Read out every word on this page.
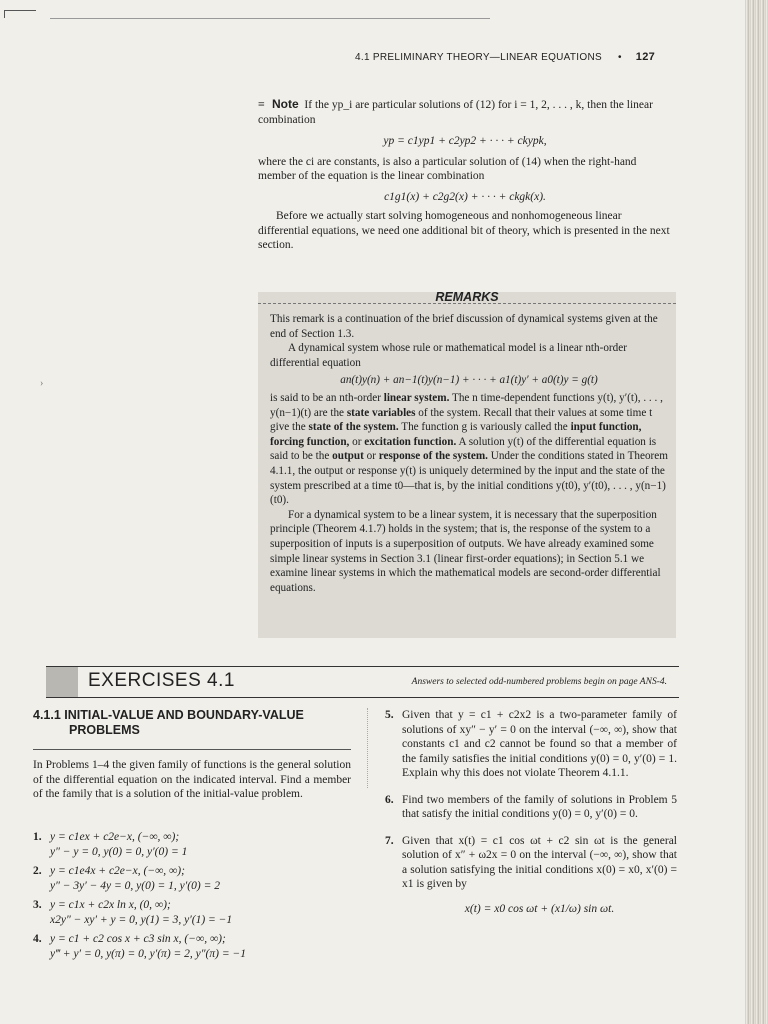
4.1 PRELIMINARY THEORY—LINEAR EQUATIONS • 127
≡ Note If the yp_i are particular solutions of (12) for i = 1, 2, . . . , k, then the linear combination
yp = c1yp1 + c2yp2 + · · · + ckypk,
where the ci are constants, is also a particular solution of (14) when the right-hand member of the equation is the linear combination
c1g1(x) + c2g2(x) + · · · + ckgk(x).
Before we actually start solving homogeneous and nonhomogeneous linear differential equations, we need one additional bit of theory, which is presented in the next section.
REMARKS
This remark is a continuation of the brief discussion of dynamical systems given at the end of Section 1.3.
A dynamical system whose rule or mathematical model is a linear nth-order differential equation
an(t)y(n) + an−1(t)y(n−1) + · · · + a1(t)y′ + a0(t)y = g(t)
is said to be an nth-order linear system. The n time-dependent functions y(t), y′(t), . . . , y(n−1)(t) are the state variables of the system. Recall that their values at some time t give the state of the system. The function g is variously called the input function, forcing function, or excitation function. A solution y(t) of the differential equation is said to be the output or response of the system. Under the conditions stated in Theorem 4.1.1, the output or response y(t) is uniquely determined by the input and the state of the system prescribed at a time t0—that is, by the initial conditions y(t0), y′(t0), . . . , y(n−1)(t0).
For a dynamical system to be a linear system, it is necessary that the superposition principle (Theorem 4.1.7) holds in the system; that is, the response of the system to a superposition of inputs is a superposition of outputs. We have already examined some simple linear systems in Section 3.1 (linear first-order equations); in Section 5.1 we examine linear systems in which the mathematical models are second-order differential equations.
›
EXERCISES 4.1	Answers to selected odd-numbered problems begin on page ANS-4.
4.1.1 INITIAL-VALUE AND BOUNDARY-VALUE
PROBLEMS
In Problems 1–4 the given family of functions is the general solution of the differential equation on the indicated interval. Find a member of the family that is a solution of the initial-value problem.
1. y = c1ex + c2e−x, (−∞, ∞);
y″ − y = 0, y(0) = 0, y′(0) = 1
2. y = c1e4x + c2e−x, (−∞, ∞);
y″ − 3y′ − 4y = 0, y(0) = 1, y′(0) = 2
3. y = c1x + c2x ln x, (0, ∞);
x2y″ − xy′ + y = 0, y(1) = 3, y′(1) = −1
4. y = c1 + c2 cos x + c3 sin x, (−∞, ∞);
y‴ + y′ = 0, y(π) = 0, y′(π) = 2, y″(π) = −1
5. Given that y = c1 + c2x2 is a two-parameter family of solutions of xy″ − y′ = 0 on the interval (−∞, ∞), show that constants c1 and c2 cannot be found so that a member of the family satisfies the initial conditions y(0) = 0, y′(0) = 1. Explain why this does not violate Theorem 4.1.1.
6. Find two members of the family of solutions in Problem 5 that satisfy the initial conditions y(0) = 0, y′(0) = 0.
7. Given that x(t) = c1 cos ωt + c2 sin ωt is the general solution of x″ + ω2x = 0 on the interval (−∞, ∞), show that a solution satisfying the initial conditions x(0) = x0, x′(0) = x1 is given by
x(t) = x0 cos ωt + (x1/ω) sin ωt.
